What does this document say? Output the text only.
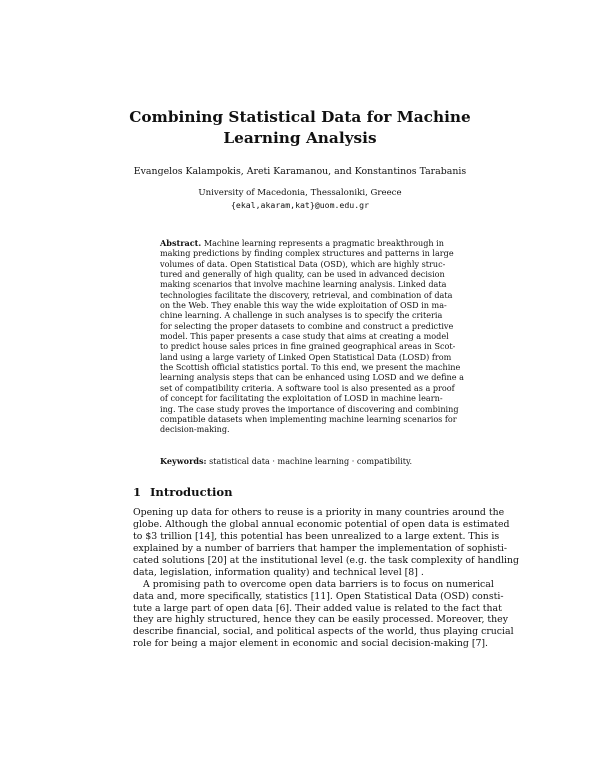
Combining Statistical Data for Machine
Learning Analysis
Evangelos Kalampokis, Areti Karamanou, and Konstantinos Tarabanis
University of Macedonia, Thessaloniki, Greece
{ekal,akaram,kat}@uom.edu.gr
Abstract. Machine learning represents a pragmatic breakthrough in
making predictions by finding complex structures and patterns in large
volumes of data. Open Statistical Data (OSD), which are highly struc-
tured and generally of high quality, can be used in advanced decision
making scenarios that involve machine learning analysis. Linked data
technologies facilitate the discovery, retrieval, and combination of data
on the Web. They enable this way the wide exploitation of OSD in ma-
chine learning. A challenge in such analyses is to specify the criteria
for selecting the proper datasets to combine and construct a predictive
model. This paper presents a case study that aims at creating a model
to predict house sales prices in fine grained geographical areas in Scot-
land using a large variety of Linked Open Statistical Data (LOSD) from
the Scottish official statistics portal. To this end, we present the machine
learning analysis steps that can be enhanced using LOSD and we define a
set of compatibility criteria. A software tool is also presented as a proof
of concept for facilitating the exploitation of LOSD in machine learn-
ing. The case study proves the importance of discovering and combining
compatible datasets when implementing machine learning scenarios for
decision-making.
Keywords: statistical data · machine learning · compatibility.
1 Introduction
Opening up data for others to reuse is a priority in many countries around the
globe. Although the global annual economic potential of open data is estimated
to $3 trillion [14], this potential has been unrealized to a large extent. This is
explained by a number of barriers that hamper the implementation of sophisti-
cated solutions [20] at the institutional level (e.g. the task complexity of handling
data, legislation, information quality) and technical level [8] .
A promising path to overcome open data barriers is to focus on numerical
data and, more specifically, statistics [11]. Open Statistical Data (OSD) consti-
tute a large part of open data [6]. Their added value is related to the fact that
they are highly structured, hence they can be easily processed. Moreover, they
describe financial, social, and political aspects of the world, thus playing crucial
role for being a major element in economic and social decision-making [7].
